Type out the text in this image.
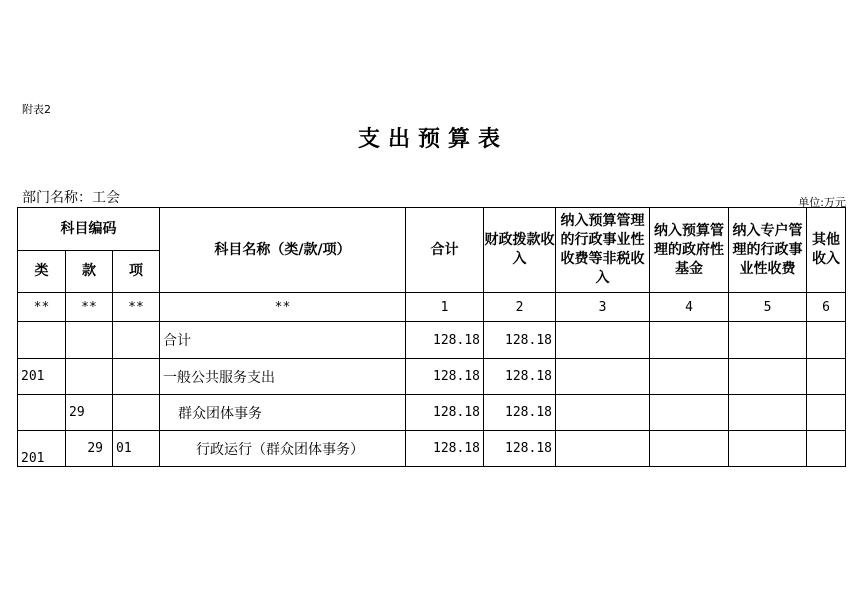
附表2
支出预算表
部门名称：工会	单位:万元
科目编码			科目名称（类/款/项）	合计	财政拨款收入	纳入预算管理的行政事业性收费等非税收入	纳入预算管理的政府性基金	纳入专户管理的行政事业性收费	其他收入
类	款	项							
**	**	**	**	1	2	3	4	5	6
			合计	128.18	128.18				
201			一般公共服务支出	128.18	128.18				
	29		群众团体事务	128.18	128.18				
201	29	01	行政运行（群众团体事务）	128.18	128.18				
